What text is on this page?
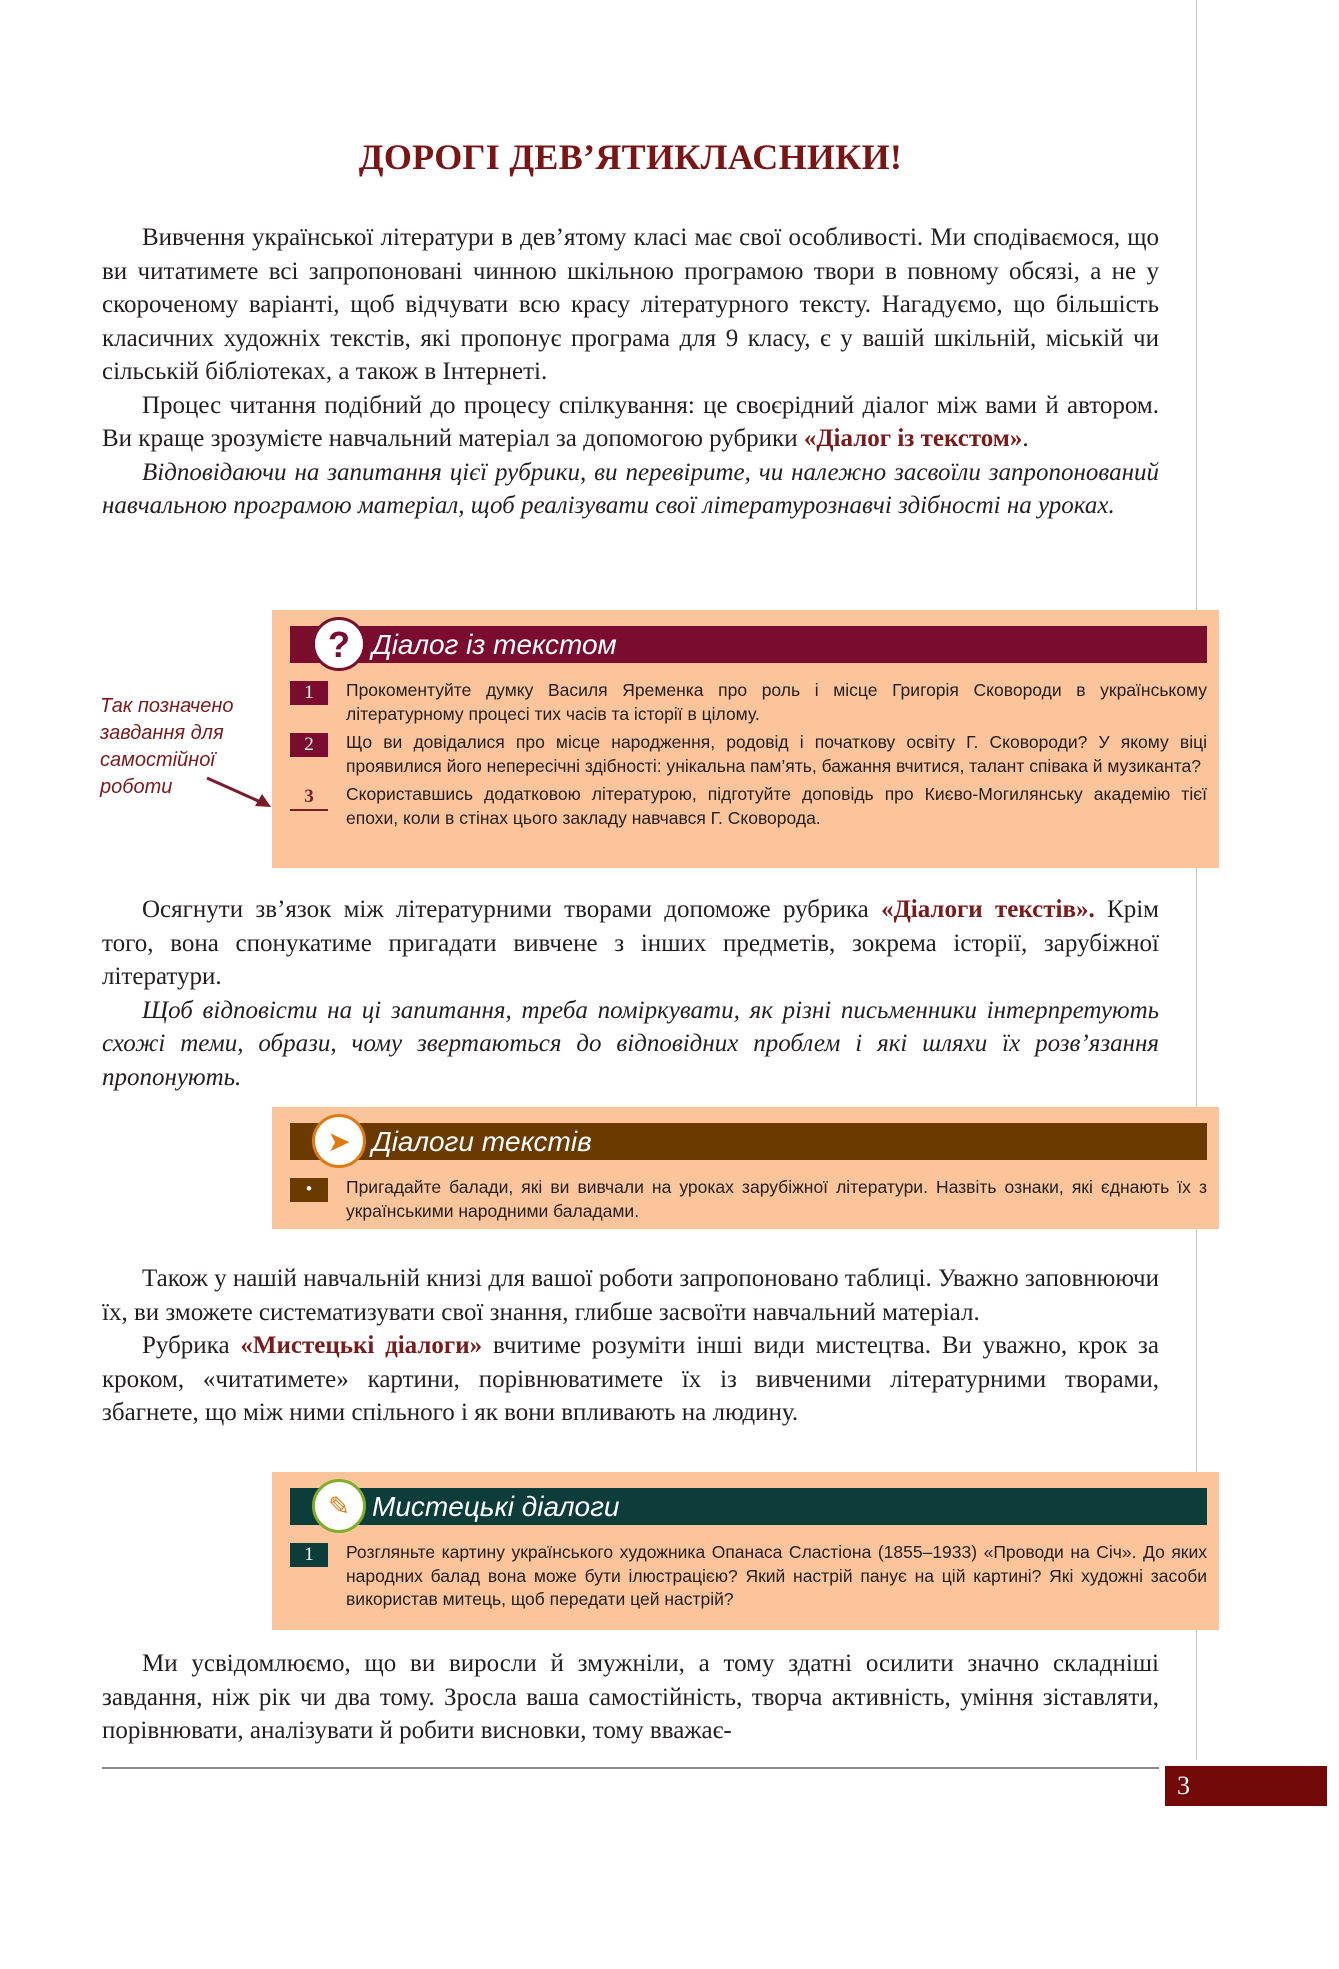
ДОРОГІ ДЕВ’ЯТИКЛАСНИКИ!

Вивчення української літератури в дев’ятому класі має свої особливості. Ми сподіваємося, що ви читатимете всі запропоновані чинною шкільною програмою твори в повному обсязі, а не у скороченому варіанті, щоб відчувати всю красу літературного тексту. Нагадуємо, що більшість класичних художніх текстів, які пропонує програма для 9 класу, є у вашій шкільній, міській чи сільській бібліотеках, а також в Інтернеті.

Процес читання подібний до процесу спілкування: це своєрідний діалог між вами й автором. Ви краще зрозумієте навчальний матеріал за допомогою рубрики «Діалог із текстом».

Відповідаючи на запитання цієї рубрики, ви перевірите, чи належно засвоїли запропонований навчальною програмою матеріал, щоб реалізувати свої літературознавчі здібності на уроках.

? Діалог із текстом
1	Прокоментуйте думку Василя Яременка про роль і місце Григорія Сковороди в українському літературному процесі тих часів та історії в цілому.
2	Що ви довідалися про місце народження, родовід і початкову освіту Г. Сковороди? У якому віці проявилися його непересічні здібності: унікальна пам’ять, бажання вчитися, талант співака й музиканта?
3	Скориставшись додатковою літературою, підготуйте доповідь про Києво-Могилянську академію тієї епохи, коли в стінах цього закладу навчався Г. Сковорода.
Так позначено завдання для самостійної роботи

Осягнути зв’язок між літературними творами допоможе рубрика «Діалоги текстів». Крім того, вона спонукатиме пригадати вивчене з інших предметів, зокрема історії, зарубіжної літератури.

Щоб відповісти на ці запитання, треба поміркувати, як різні письменники інтерпретують схожі теми, образи, чому звертаються до відповідних проблем і які шляхи їх розв’язання пропонують.

➤ Діалоги текстів
•	Пригадайте балади, які ви вивчали на уроках зарубіжної літератури. Назвіть ознаки, які єднають їх з українськими народними баладами.

Також у нашій навчальній книзі для вашої роботи запропоновано таблиці. Уважно заповнюючи їх, ви зможете систематизувати свої знання, глибше засвоїти навчальний матеріал.

Рубрика «Мистецькі діалоги» вчитиме розуміти інші види мистецтва. Ви уважно, крок за кроком, «читатимете» картини, порівнюватимете їх із вивченими літературними творами, збагнете, що між ними спільного і як вони впливають на людину.

✎ Мистецькі діалоги
1	Розгляньте картину українського художника Опанаса Сластіона (1855–1933) «Проводи на Січ». До яких народних балад вона може бути ілюстрацією? Який настрій панує на цій картині? Які художні засоби використав митець, щоб передати цей настрій?

Ми усвідомлюємо, що ви виросли й змужніли, а тому здатні осилити значно складніші завдання, ніж рік чи два тому. Зросла ваша самостійність, творча активність, уміння зіставляти, порівнювати, аналізувати й робити висновки, тому вважає-

3
